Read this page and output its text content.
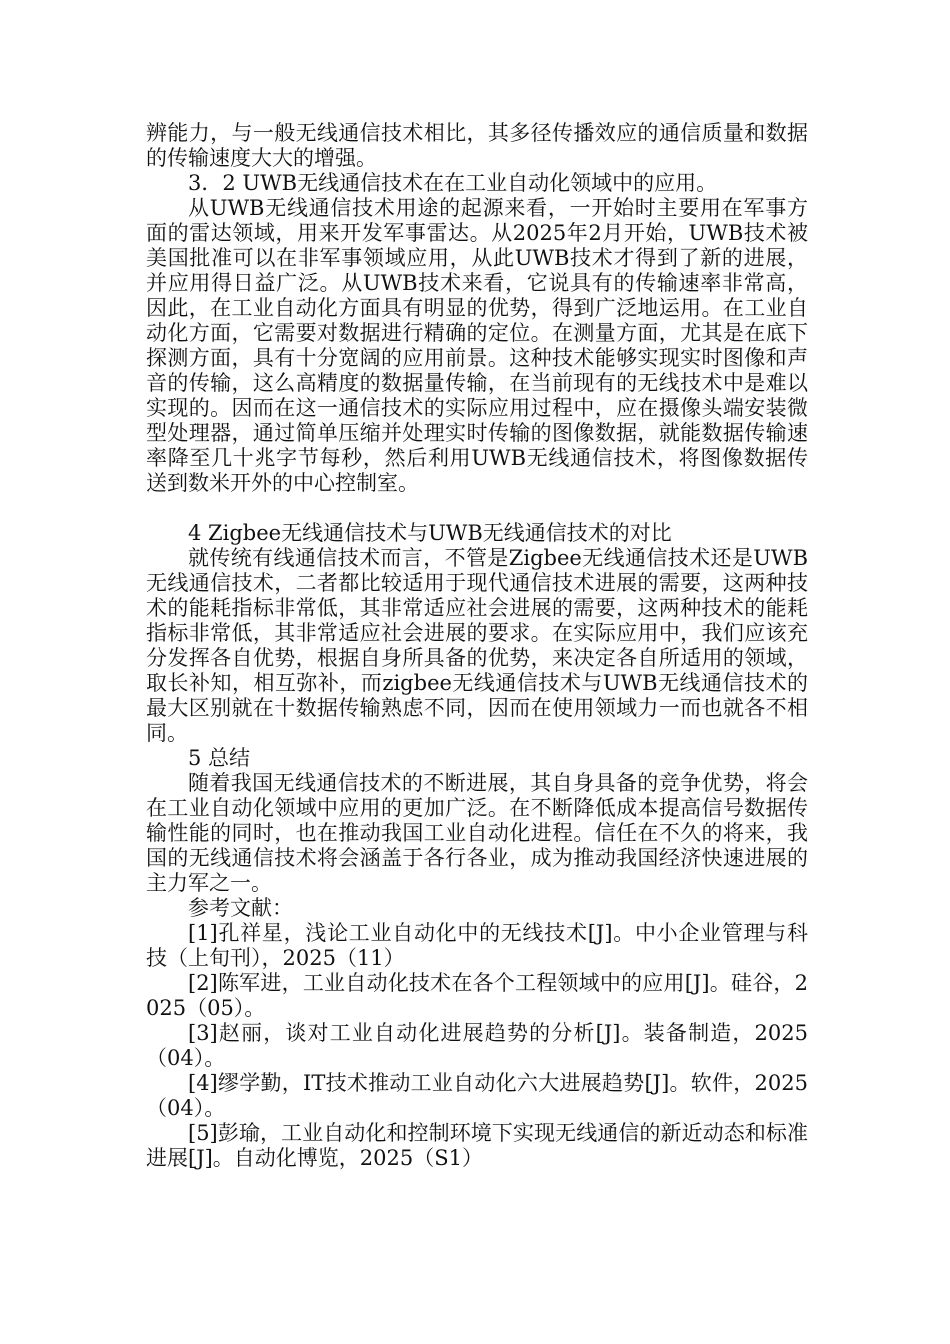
辨能力，与一般无线通信技术相比，其多径传播效应的通信质量和数据的传输速度大大的增强。

3．2 UWB无线通信技术在在工业自动化领域中的应用。

从UWB无线通信技术用途的起源来看，一开始时主要用在军事方面的雷达领域，用来开发军事雷达。从2025年2月开始，UWB技术被美国批准可以在非军事领域应用，从此UWB技术才得到了新的进展，并应用得日益广泛。从UWB技术来看，它说具有的传输速率非常高，因此，在工业自动化方面具有明显的优势，得到广泛地运用。在工业自动化方面，它需要对数据进行精确的定位。在测量方面，尤其是在底下探测方面，具有十分宽阔的应用前景。这种技术能够实现实时图像和声音的传输，这么高精度的数据量传输，在当前现有的无线技术中是难以实现的。因而在这一通信技术的实际应用过程中，应在摄像头端安装微型处理器，通过简单压缩并处理实时传输的图像数据，就能数据传输速率降至几十兆字节每秒，然后利用UWB无线通信技术，将图像数据传送到数米开外的中心控制室。

4 Zigbee无线通信技术与UWB无线通信技术的对比

就传统有线通信技术而言，不管是Zigbee无线通信技术还是UWB无线通信技术，二者都比较适用于现代通信技术进展的需要，这两种技术的能耗指标非常低，其非常适应社会进展的需要，这两种技术的能耗指标非常低，其非常适应社会进展的要求。在实际应用中，我们应该充分发挥各自优势，根据自身所具备的优势，来决定各自所适用的领域，取长补知，相互弥补，而zigbee无线通信技术与UWB无线通信技术的最大区别就在十数据传输熟虑不同，因而在使用领域力一而也就各不相同。

5 总结

随着我国无线通信技术的不断进展，其自身具备的竞争优势，将会在工业自动化领域中应用的更加广泛。在不断降低成本提高信号数据传输性能的同时，也在推动我国工业自动化进程。信任在不久的将来，我国的无线通信技术将会涵盖于各行各业，成为推动我国经济快速进展的主力军之一。

参考文献：

[1]孔祥星，浅论工业自动化中的无线技术[J]。中小企业管理与科技（上旬刊），2025（11）

[2]陈军进，工业自动化技术在各个工程领域中的应用[J]。硅谷，2025（05）。

[3]赵丽，谈对工业自动化进展趋势的分析[J]。装备制造，2025（04）。

[4]缪学勤，IT技术推动工业自动化六大进展趋势[J]。软件，2025（04）。

[5]彭瑜，工业自动化和控制环境下实现无线通信的新近动态和标准进展[J]。自动化博览，2025（S1）
